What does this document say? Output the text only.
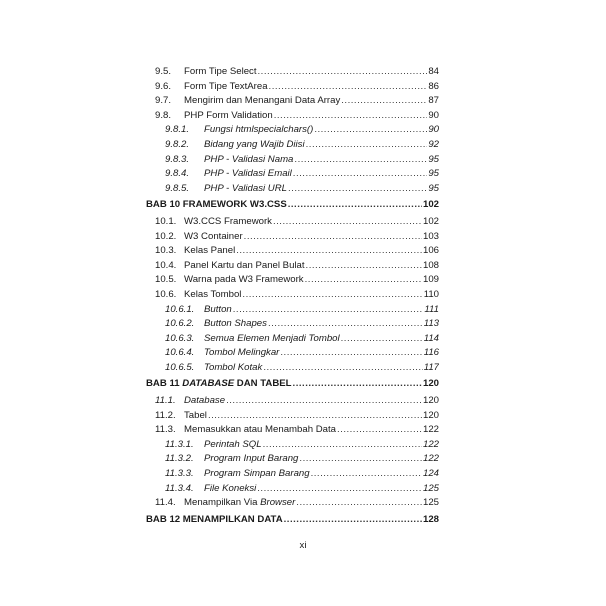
9.5.	Form Tipe Select .....	84
9.6.	Form Tipe TextArea .....	86
9.7.	Mengirim dan Menangani Data Array .....	87
9.8.	PHP Form Validation .....	90
9.8.1.	Fungsi htmlspecialchars() .....	90
9.8.2.	Bidang yang Wajib Diisi .....	92
9.8.3.	PHP - Validasi Nama .....	95
9.8.4.	PHP - Validasi Email .....	95
9.8.5.	PHP - Validasi URL .....	95
BAB 10 FRAMEWORK W3.CSS .....	102
10.1. W3.CCS Framework .....	102
10.2. W3 Container .....	103
10.3. Kelas Panel .....	106
10.4. Panel Kartu dan Panel Bulat .....	108
10.5. Warna pada W3 Framework .....	109
10.6. Kelas Tombol .....	110
10.6.1.	Button .....	111
10.6.2.	Button Shapes .....	113
10.6.3.	Semua Elemen Menjadi Tombol .....	114
10.6.4.	Tombol Melingkar .....	116
10.6.5.	Tombol Kotak .....	117
BAB 11 DATABASE DAN TABEL .....	120
11.1. Database .....	120
11.2. Tabel .....	120
11.3. Memasukkan atau Menambah Data .....	122
11.3.1.	Perintah SQL .....	122
11.3.2.	Program Input Barang .....	122
11.3.3.	Program Simpan Barang .....	124
11.3.4.	File Koneksi .....	125
11.4. Menampilkan Via Browser .....	125
BAB 12 MENAMPILKAN DATA .....	128
xi
